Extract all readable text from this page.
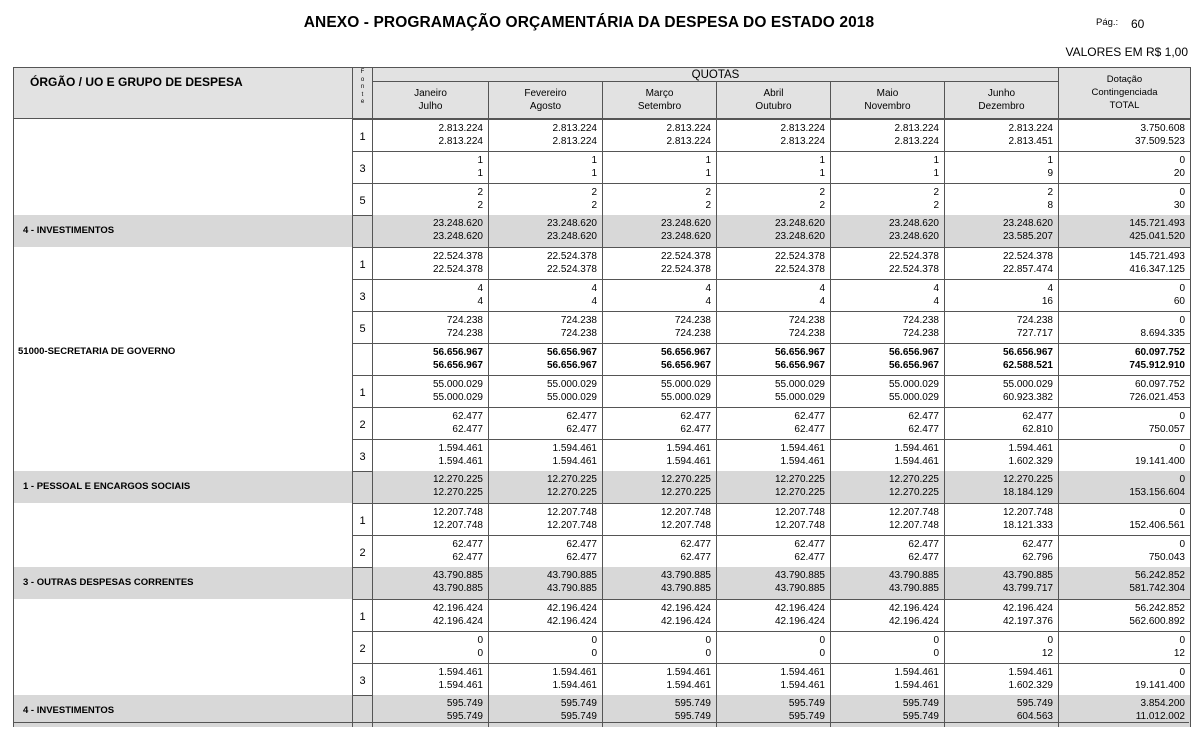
ANEXO - PROGRAMAÇÃO ORÇAMENTÁRIA DA DESPESA DO ESTADO 2018	Pág.: 60
VALORES EM R$ 1,00
ÓRGÃO / UO E GRUPO DE DESPESA
F
o
n
t
e
QUOTAS
Janeiro
Julho
Fevereiro
Agosto
Março
Setembro
Abril
Outubro
Maio
Novembro
Junho
Dezembro
Dotação
Contingenciada
TOTAL
1
2.813.224
2.813.224
2.813.224
2.813.224
2.813.224
2.813.224
2.813.224
2.813.224
2.813.224
2.813.224
2.813.224
2.813.451
3.750.608
37.509.523
3
1
1
1
1
1
1
1
1
1
1
1
9
0
20
5
2
2
2
2
2
2
2
2
2
2
2
8
0
30
4 - INVESTIMENTOS
23.248.620
23.248.620
23.248.620
23.248.620
23.248.620
23.248.620
23.248.620
23.248.620
23.248.620
23.248.620
23.248.620
23.585.207
145.721.493
425.041.520
1
22.524.378
22.524.378
22.524.378
22.524.378
22.524.378
22.524.378
22.524.378
22.524.378
22.524.378
22.524.378
22.524.378
22.857.474
145.721.493
416.347.125
3
4
4
4
4
4
4
4
4
4
4
4
16
0
60
5
724.238
724.238
724.238
724.238
724.238
724.238
724.238
724.238
724.238
724.238
724.238
727.717
0
8.694.335
51000-SECRETARIA DE GOVERNO	56.656.967
56.656.967
56.656.967
56.656.967
56.656.967
56.656.967
56.656.967
56.656.967
56.656.967
56.656.967
56.656.967
62.588.521
60.097.752
745.912.910
1
55.000.029
55.000.029
55.000.029
55.000.029
55.000.029
55.000.029
55.000.029
55.000.029
55.000.029
55.000.029
55.000.029
60.923.382
60.097.752
726.021.453
2
62.477
62.477
62.477
62.477
62.477
62.477
62.477
62.477
62.477
62.477
62.477
62.810
0
750.057
3
1.594.461
1.594.461
1.594.461
1.594.461
1.594.461
1.594.461
1.594.461
1.594.461
1.594.461
1.594.461
1.594.461
1.602.329
0
19.141.400
1 - PESSOAL E ENCARGOS SOCIAIS
12.270.225
12.270.225
12.270.225
12.270.225
12.270.225
12.270.225
12.270.225
12.270.225
12.270.225
12.270.225
12.270.225
18.184.129
0
153.156.604
1
12.207.748
12.207.748
12.207.748
12.207.748
12.207.748
12.207.748
12.207.748
12.207.748
12.207.748
12.207.748
12.207.748
18.121.333
0
152.406.561
2
62.477
62.477
62.477
62.477
62.477
62.477
62.477
62.477
62.477
62.477
62.477
62.796
0
750.043
3 - OUTRAS DESPESAS CORRENTES
43.790.885
43.790.885
43.790.885
43.790.885
43.790.885
43.790.885
43.790.885
43.790.885
43.790.885
43.790.885
43.790.885
43.799.717
56.242.852
581.742.304
1
42.196.424
42.196.424
42.196.424
42.196.424
42.196.424
42.196.424
42.196.424
42.196.424
42.196.424
42.196.424
42.196.424
42.197.376
56.242.852
562.600.892
2
0
0
0
0
0
0
0
0
0
0
0
12
0
12
3
1.594.461
1.594.461
1.594.461
1.594.461
1.594.461
1.594.461
1.594.461
1.594.461
1.594.461
1.594.461
1.594.461
1.602.329
0
19.141.400
4 - INVESTIMENTOS
595.749
595.749
595.749
595.749
595.749
595.749
595.749
595.749
595.749
595.749
595.749
604.563
3.854.200
11.012.002
